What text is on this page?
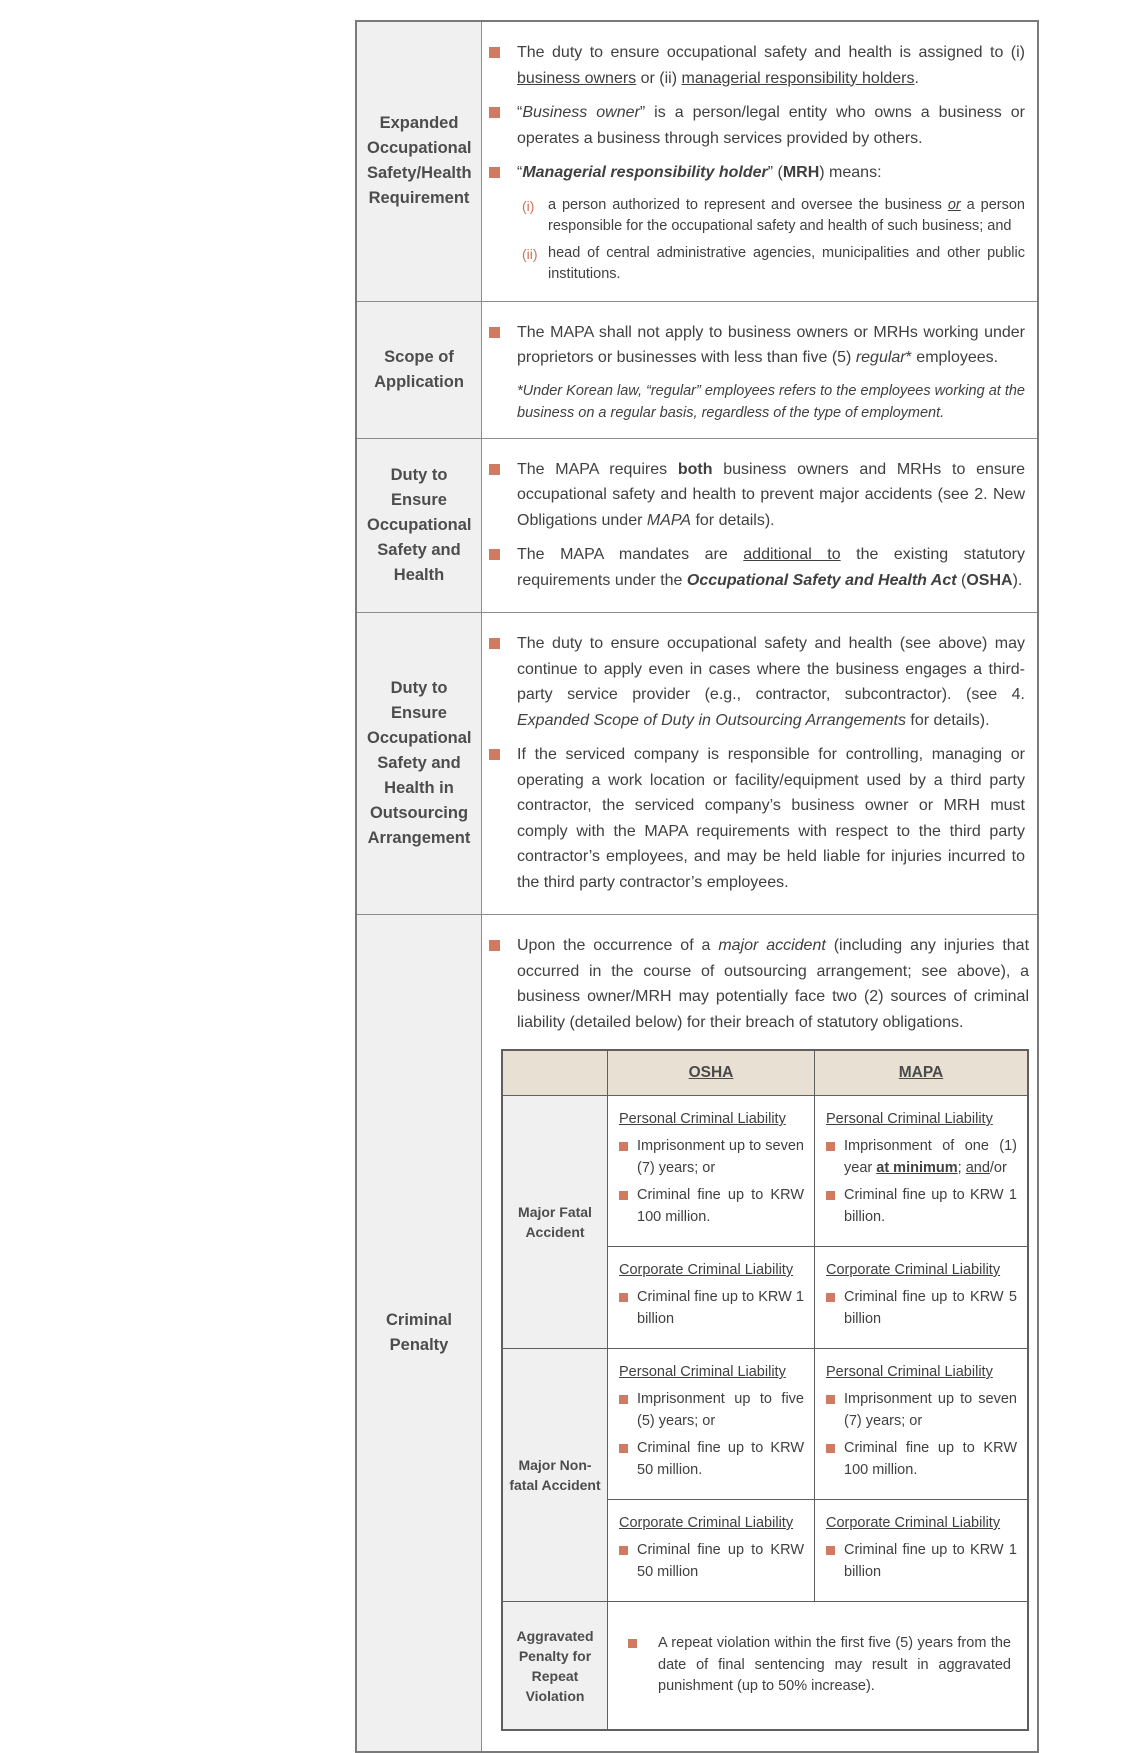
Expanded Occupational Safety/Health Requirement
The duty to ensure occupational safety and health is assigned to (i) business owners or (ii) managerial responsibility holders.
“Business owner” is a person/legal entity who owns a business or operates a business through services provided by others.
“Managerial responsibility holder” (MRH) means:
(i) a person authorized to represent and oversee the business or a person responsible for the occupational safety and health of such business; and
(ii) head of central administrative agencies, municipalities and other public institutions.
Scope of Application
The MAPA shall not apply to business owners or MRHs working under proprietors or businesses with less than five (5) regular* employees.
*Under Korean law, “regular” employees refers to the employees working at the business on a regular basis, regardless of the type of employment.
Duty to Ensure Occupational Safety and Health
The MAPA requires both business owners and MRHs to ensure occupational safety and health to prevent major accidents (see 2. New Obligations under MAPA for details).
The MAPA mandates are additional to the existing statutory requirements under the Occupational Safety and Health Act (OSHA).
Duty to Ensure Occupational Safety and Health in Outsourcing Arrangement
The duty to ensure occupational safety and health (see above) may continue to apply even in cases where the business engages a third-party service provider (e.g., contractor, subcontractor). (see 4. Expanded Scope of Duty in Outsourcing Arrangements for details).
If the serviced company is responsible for controlling, managing or operating a work location or facility/equipment used by a third party contractor, the serviced company’s business owner or MRH must comply with the MAPA requirements with respect to the third party contractor’s employees, and may be held liable for injuries incurred to the third party contractor’s employees.
Criminal Penalty
Upon the occurrence of a major accident (including any injuries that occurred in the course of outsourcing arrangement; see above), a business owner/MRH may potentially face two (2) sources of criminal liability (detailed below) for their breach of statutory obligations.
OSHA	MAPA
Major Fatal Accident
Personal Criminal Liability
Imprisonment up to seven (7) years; or
Criminal fine up to KRW 100 million.
Personal Criminal Liability
Imprisonment of one (1) year at minimum; and/or
Criminal fine up to KRW 1 billion.
Corporate Criminal Liability
Criminal fine up to KRW 1 billion
Corporate Criminal Liability
Criminal fine up to KRW 5 billion
Major Non-fatal Accident
Personal Criminal Liability
Imprisonment up to five (5) years; or
Criminal fine up to KRW 50 million.
Personal Criminal Liability
Imprisonment up to seven (7) years; or
Criminal fine up to KRW 100 million.
Corporate Criminal Liability
Criminal fine up to KRW 50 million
Corporate Criminal Liability
Criminal fine up to KRW 1 billion
Aggravated Penalty for Repeat Violation
A repeat violation within the first five (5) years from the date of final sentencing may result in aggravated punishment (up to 50% increase).
